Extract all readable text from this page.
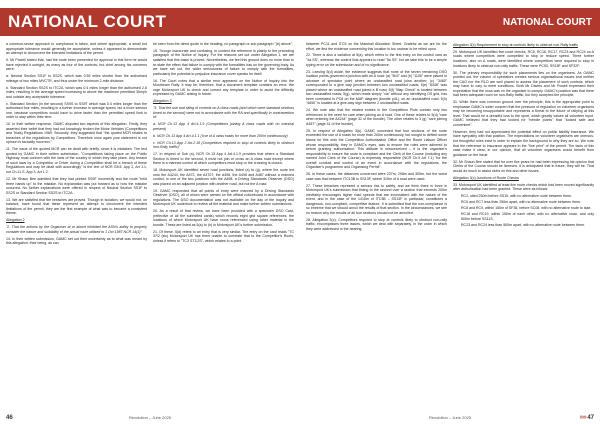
NATIONAL COURT

a common-sense approach to compliance is taken, and where appropriate, a small but appropriate tolerance would generally be acceptable, unless it appeared to demonstrate an attempt to circumvent the intended limitations of the permit.

9. Mr Powell stated that, had the route been presented for approval in this form he would have rejected it outright, as many as four of the controls, but chief among his concerns were:

a. Neutral Section SS1F to SS2S, which was 0.55 miles shorter than the authorised mileage of two miles MVCTR, and thus under the minimum 2-mile distance.

b. Standard Section SS2S to ITC2A, which was 0.4 miles longer than the authorised 2.6 miles, resulting in the average speed increasing to above the maximum permitted 30mph and outside any acceptable tolerance.

c. Standard Section (in the second) SS9S to SS9T which was 0.4 miles longer than the authorised four miles, resulting in a further increase in average speed, but a more serious one, because competitors would have to drive faster than the permitted speed limit in order to stay within their time.

10. In their written response, GAMC disputed two aspects of this allegation. Firstly, they asserted their belief that they had not knowingly broken the Motor Vehicles (Competitions and Trials) Regulations 1969. Secondly, they suggested that "the quoted MCR relates to breaches of the regulations by Competitors. Therefore once again your statement is our opinion is factually incorrect."

11. The issue of the quoted MCR can be dealt with briefly, since it is mistaken. The text quoted by GAMC in their written submission, "Competitions taking place on the Public Highway must conform with the laws of the country in which they take place. Any breach of such laws by a Competitor or Driver during a Competition shall be a breach of these Regulations and may be dealt with accordingly" is the text of NCR G5.5. App 2, Art 1.1, not Ch.11.S, App 3, Art 1.2.

12. Mr Shaun Bee admitted that they had printed SS9F incorrectly and the route "held three hands up" to the mistake. No explanation was put forward as to how the mistake occurred. No further explanations were offered in respect of Neutral Section SS1F to SS2S or Standard Section SS2S to ITC2A.

13. We are satisfied that the breaches are proved. Though in isolation, we would not, on balance, have found that these represent an attempt to circumvent the intended limitations of the permit, they are the first example of what was to become a consistent theme.

Allegation 2

"2. That the actions by the Organiser at or above inhibited the ASN's ability to properly consider the nature and suitability of the actual route utilised to 1 Oct 1987 NCR 14(1)"

14. In their written submission, GAMC set out their uncertainty as to what was meant by this allegation, their being, as can

be seen from the direct quote in the heading, no paragraph or sub paragraph "(b) above".

15. Though inaccurate and confusing, in context the reference is plainly to the preceding paragraph of the Notice of Inquiry. For the reasons set out under Allegation 1, we are satisfied that this basis is proved. Nevertheless, we feel this ground does no more than to re-state the effect that failure to comply with the formalities has on the governing body. As we have set out, the wider seriousness of failure to comply with the formalities, particularly the potential to prejudice insurance cover speaks for itself.

16. The Court notes that a similar error appeared on the Notice of Inquiry into the Moorbeam Rally. It may be, therefore, that a document template contains an error. We urge Motorsport UK to check and correct any template in order to avoid the difficulty expressed by GAMC arising in future.

Allegation 3

"3. That the use and siting of controls on A class roads (and which were standard sections timed to the second) were not in accordance with the RA and specifically in contravention of:

a. NCR Ch.13 App 4 Art.4.1.9 (Competitions joining A class roads with no marshal present)

b. NCR Ch.13 App 4 Art.4.1.1 (Use of A class roads for more than 200m continuously)

c. NCR Ch.13 App 2 Art.2.18 (Competitors required to stop at controls likely to obstruct non-Rally traffic)"

17. In respect of Sub (a), NCR Ch.13 App 4 Art.4.1.9 provides that where a Standard Section is timed to the second, it must not join or cross an A class road except where there is a manned control at which competitors must stop or the crossing is closed.

18. Motorsport UK identified seven road junctions, listed (a) to (g), where the route led onto the A4244, the A472, the A4707, the A496, the A498 and A487 without a manned control; in one of the two junctions with the A498, a Driving Standards Observer (DSO) was placed on an adjacent junction with another road, but not the A road.

19. GAMC responded that all points of entry were manned by a Driving Standards Observer (DSO), all of whom were named on the official noticeboard in accordance with regulations. The DSO documentation was not available on the day of the Inquiry and Motorsport UK undertook to review all the material and make further written submissions.

20. As a result of that review, we have been provided with a specimen DSO Card, (reflective of all the submitted cards) which records eight grid square references, the locations of which Motorsport UK have cross referenced using other material in the bundle. These are listed as 5(a) to (h) in Motorsport UK's further submission.

21. Of these, 5(d) refers to an entry that is very similar. The entry on the card reads "TC 37/2 (sic) Motorsport UK has been unable to correlate that to the Competitor's Roots, unless it refers to "TC3 ST3.2S", which relates to a point

46	Revolution – June 2025
NATIONAL COURT

between PC11 and ITC5 on the Marshall Allocation Sheet. Grateful as we are for the effort, we find the evidence concerning this location is too unclear to be relied upon.

22. There is also a variation at 5(a), which refers to the first entry on the control card as "4a SS", whereas the control lists appears to read "5a SS" but we take this to be a simple typing error on the submission and of no significance.

23. Leaving 5(d) aside, the evidence suggests that none of the seven remaining DSO location points governed a junction with an A road: (a) "5b3" and (b) "1106" were placed in advance of spectator point where an unclassified road joins another; (c) "3480" corresponded to a give way junction between two unclassified roads; 5(e) "8348" was placed where an unclassified road joined a B road; 5(f) "Map Check" is located between two unclassified roads; 5(g), which reads simply "via" without any identifying OS grid, has been correlated to PC8 on the MAP diagram (bundle p41), on an unclassified road; 5(h) "4650" is located at a give-way sign between 2 unclassified roads.

24. We note also that the related entries in the Competition Plots contain only two references to the need for care when joining an A road. One of these relates to 5(d) "care when entering the A4244" (page 32 of the bundle). The other relates to 3 (g) "care joining A487" (page 41 of the bundle).

25. In respect of Allegation 3(b), GAMC conceded that four sections of the route exceeded the use of A roads for more than 200m continuously, but sought to deflect some blame for this onto the Competition Authorisation Office and the Route Liaison Officer whose responsibility, they in GAMC's eyes, was to ensure the rules were adhered to before granting authorisation. This attitude is misconceived – it is the organiser's responsibility to ensure the route is compliant and the Clerk of the Course (including any named Joint Clerk of the Course) is expressly responsible (NCR Ch.5 Art 7.1) "for the overall conduct and control of an event in accordance with the regulations, the Organiser's programme and Organising Permit".

26. In these cases, the distances concerned were 237m, 298m and 305m, but the worst case was that between ITC13B to SS13F, where 315m of A road were used.

27. These breaches represent a serious risk to safety, and we think there is force in Motorsport UK's submission that timing to the second over a section that exceeds 200m inevitably encourages higher road speeds that are inconsistent with the nature of the event, and in the case of the 1415m of ITC3B – SS13F in particular, constitutes a dangerous, non-compliant, competitive feature. It is submitted that the non-compliance is so extreme that we should annul the results of that section. In the circumstances, we see no reason why the results of all four sections should not be annulled.

28. Allegation 3(c), Competitors required to stop at controls likely to obstruct non-rally traffic, encompasses three issues, which we deal with separately, in the order in which they were addressed in the hearing.

Allegation 3(c) Requirement to stop at controls likely to obstruct non-Rally traffic

29. Motorsport UK identified five route checks, RC5, RC16, RC17, RC23 and RC24 on A roads where competitors were compelled to stop or reduce speed. Three further locations, also on A roads, were identified where competitors were required to stop in locations likely to obstruct non-rally traffic. These were PC53, SS15F and SF32F.

30. The primary responsibility for such placements lies on the organisers. As GAMC pointed out, the volume of spectators creates serious organisational issues and neither the CAO nor the RLO are well placed to assess the placement of such controls, which may have to vary to meet conditions. Both Mr Davies and Mr Powell expressed their expectation that the onus was on the organiser to comply. GAMC's position was that there had been adequate room for non-Rally traffic, but they accepted the principle.

31. While there was common ground over the principle, this is the appropriate point to emphasise GAMC's wider concern that the pressure of regulation on volunteer organisers may be becoming insupportable and represents a threat to the future of rallying at this level. That would be a dreadful loss to the sport, which greatly values all volunteer input. GAMC believed that they had looked for "needle points" that "looked safe and convenient".

However, they had not appreciated the potential effect on public liability insurance. We have sympathy with that position. The expectations on volunteer organisers are onerous, but thoughtful rules exist in order to explain the background to why they are so. We note that the reference to insurance appears in the "fine print" of the permit. The facts of this case make it clear, in our opinion, that all volunteer organisers would benefit from guidance on the issue.

32. Mr Shaun Bee stated that for over five years he had been expressing his opinion that Clerks of the Course should be licensed. It is anticipated that in future, they will be. That would do much to assist clubs on this and other issues.

Allegation 3(c) Junctions of Route Checks

33. Motorsport UK identified at least five route checks which had been moved significantly after authorisation had been granted. These were as follows:

• RC2, sited 250m before SS15, with no alternative route between them.
• RC6 and RC7 less than 250m apart, with no alternative route between them.
• RC8 and RC9, within 150m of SF35, before SC08, with no alternative route to take.
• RC18 and RC19, within 150m of each other, with no alternative route, and only 500m before SS11S.
• RC23 and RC24 less than 500m apart, with no alternative route between them.
Revolution – June 2025	››››› 47
